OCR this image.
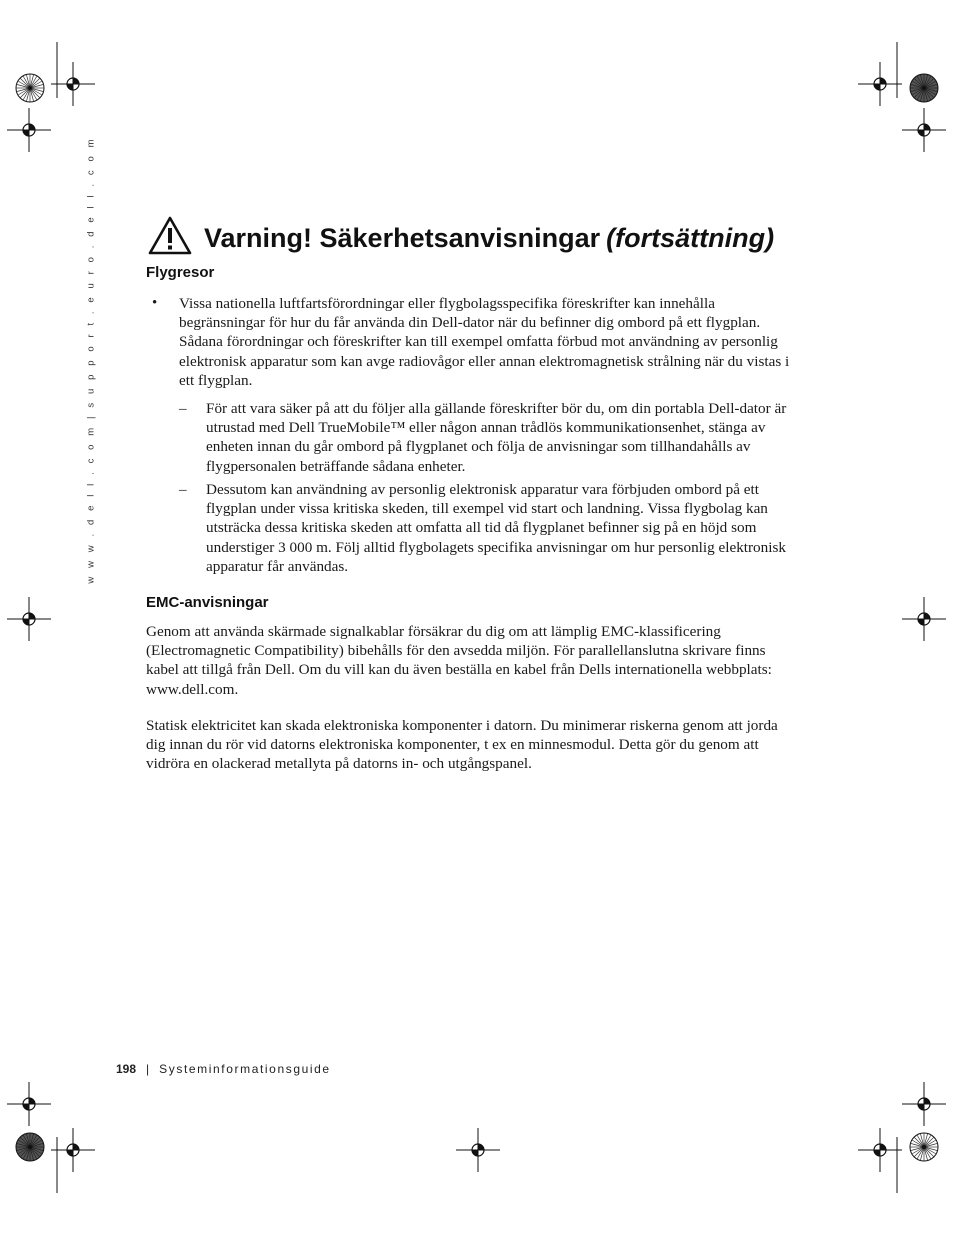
w w w . d e l l . c o m | s u p p o r t . e u r o . d e l l . c o m	Varning! Säkerhetsanvisningar (fortsättning)
Flygresor
• Vissa nationella luftfartsförordningar eller flygbolagsspecifika föreskrifter kan innehålla begränsningar för hur du får använda din Dell-dator när du befinner dig ombord på ett flygplan. Sådana förordningar och föreskrifter kan till exempel omfatta förbud mot användning av personlig elektronisk apparatur som kan avge radiovågor eller annan elektromagnetisk strålning när du vistas i ett flygplan.

– För att vara säker på att du följer alla gällande föreskrifter bör du, om din portabla Dell-dator är utrustad med Dell TrueMobile™ eller någon annan trådlös kommunikationsenhet, stänga av enheten innan du går ombord på flygplanet och följa de anvisningar som tillhandahålls av flygpersonalen beträffande sådana enheter.

– Dessutom kan användning av personlig elektronisk apparatur vara förbjuden ombord på ett flygplan under vissa kritiska skeden, till exempel vid start och landning. Vissa flygbolag kan utsträcka dessa kritiska skeden att omfatta all tid då flygplanet befinner sig på en höjd som understiger 3 000 m. Följ alltid flygbolagets specifika anvisningar om hur personlig elektronisk apparatur får användas.

EMC-anvisningar

Genom att använda skärmade signalkablar försäkrar du dig om att lämplig EMC-klassificering (Electromagnetic Compatibility) bibehålls för den avsedda miljön. För parallellanslutna skrivare finns kabel att tillgå från Dell. Om du vill kan du även beställa en kabel från Dells internationella webbplats: www.dell.com.

Statisk elektricitet kan skada elektroniska komponenter i datorn. Du minimerar riskerna genom att jorda dig innan du rör vid datorns elektroniska komponenter, t ex en minnesmodul. Detta gör du genom att vidröra en olackerad metallyta på datorns in- och utgångspanel.

198 | Systeminformationsguide
